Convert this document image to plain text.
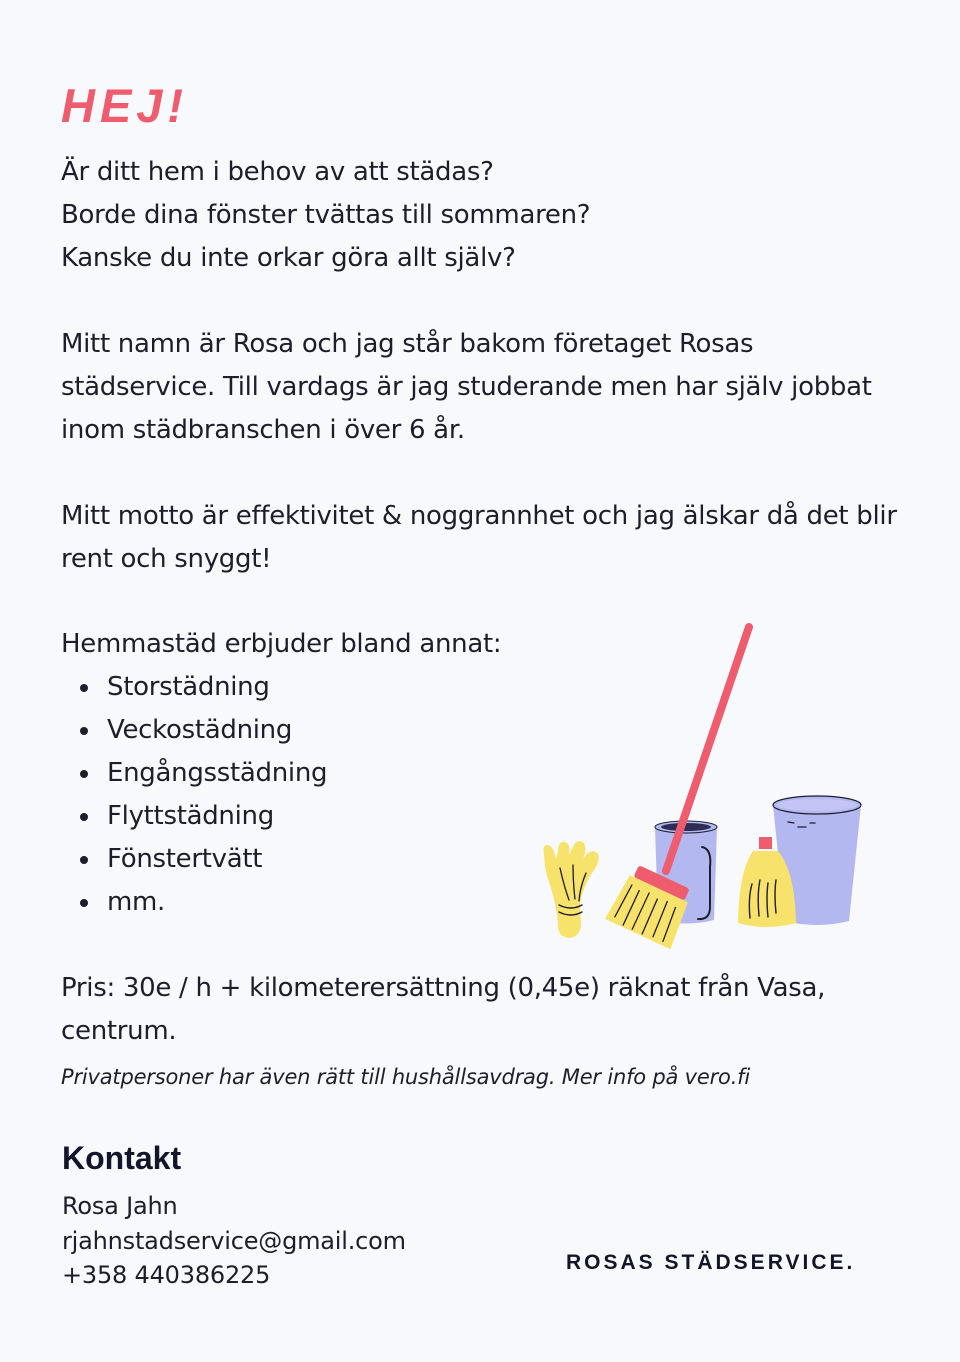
HEJ!

Är ditt hem i behov av att städas?
Borde dina fönster tvättas till sommaren?
Kanske du inte orkar göra allt själv?

Mitt namn är Rosa och jag står bakom företaget Rosas städservice. Till vardags är jag studerande men har själv jobbat inom städbranschen i över 6 år.

Mitt motto är effektivitet & noggrannhet och jag älskar då det blir rent och snyggt!

Hemmastäd erbjuder bland annat:

Storstädning
Veckostädning
Engångsstädning
Flyttstädning
Fönstertvätt
mm.

Pris: 30e / h + kilometerersättning (0,45e) räknat från Vasa,
centrum.

Privatpersoner har även rätt till hushållsavdrag. Mer info på vero.fi

Kontakt
Rosa Jahn
rjahnstadservice@gmail.com
+358 440386225	ROSAS STÄDSERVICE.
